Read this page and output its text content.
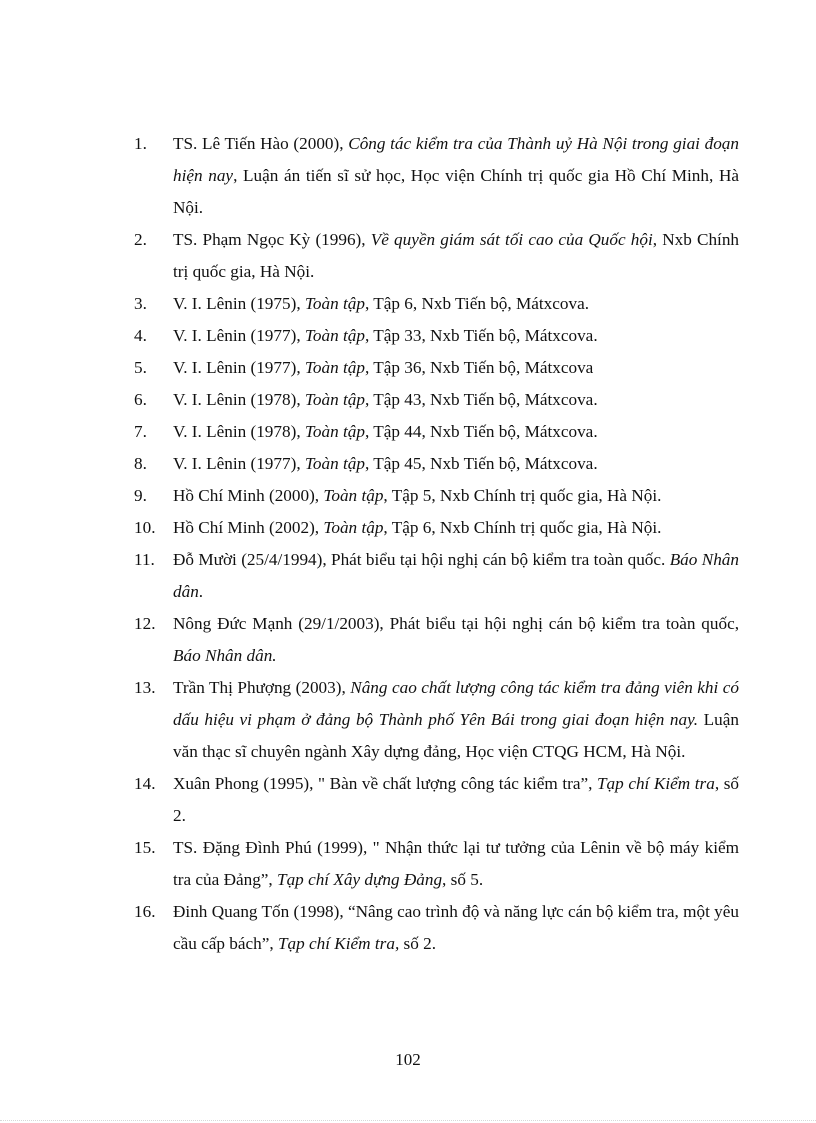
1.	TS. Lê Tiến Hào (2000), Công tác kiểm tra của Thành uỷ Hà Nội trong giai đoạn hiện nay, Luận án tiến sĩ sử học, Học viện Chính trị quốc gia Hồ Chí Minh, Hà Nội.
2.	TS. Phạm Ngọc Kỳ (1996), Về quyền giám sát tối cao của Quốc hội, Nxb Chính trị quốc gia, Hà Nội.
3.	V. I. Lênin (1975), Toàn tập, Tập 6, Nxb Tiến bộ, Mátxcova.
4.	V. I. Lênin (1977), Toàn tập, Tập 33, Nxb Tiến bộ, Mátxcova.
5.	V. I. Lênin (1977), Toàn tập, Tập 36, Nxb Tiến bộ, Mátxcova
6.	V. I. Lênin (1978), Toàn tập, Tập 43, Nxb Tiến bộ, Mátxcova.
7.	V. I. Lênin (1978), Toàn tập, Tập 44, Nxb Tiến bộ, Mátxcova.
8.	V. I. Lênin (1977), Toàn tập, Tập 45, Nxb Tiến bộ, Mátxcova.
9.	Hồ Chí Minh (2000), Toàn tập, Tập 5, Nxb Chính trị quốc gia, Hà Nội.
10.	Hồ Chí Minh (2002), Toàn tập, Tập 6, Nxb Chính trị quốc gia, Hà Nội.
11.	Đỗ Mười (25/4/1994), Phát biểu tại hội nghị cán bộ kiểm tra toàn quốc. Báo Nhân dân.
12.	Nông Đức Mạnh (29/1/2003), Phát biểu tại hội nghị cán bộ kiểm tra toàn quốc, Báo Nhân dân.
13.	Trần Thị Phượng (2003), Nâng cao chất lượng công tác kiểm tra đảng viên khi có dấu hiệu vi phạm ở đảng bộ Thành phố Yên Bái trong giai đoạn hiện nay. Luận văn thạc sĩ chuyên ngành Xây dựng đảng, Học viện CTQG HCM, Hà Nội.
14.	Xuân Phong (1995), " Bàn về chất lượng công tác kiểm tra”, Tạp chí Kiểm tra, số 2.
15.	TS. Đặng Đình Phú (1999), " Nhận thức lại tư tưởng của Lênin về bộ máy kiểm tra của Đảng”, Tạp chí Xây dựng Đảng, số 5.
16.	Đinh Quang Tốn (1998), “Nâng cao trình độ và năng lực cán bộ kiểm tra, một yêu cầu cấp bách”, Tạp chí Kiểm tra, số 2.
102
